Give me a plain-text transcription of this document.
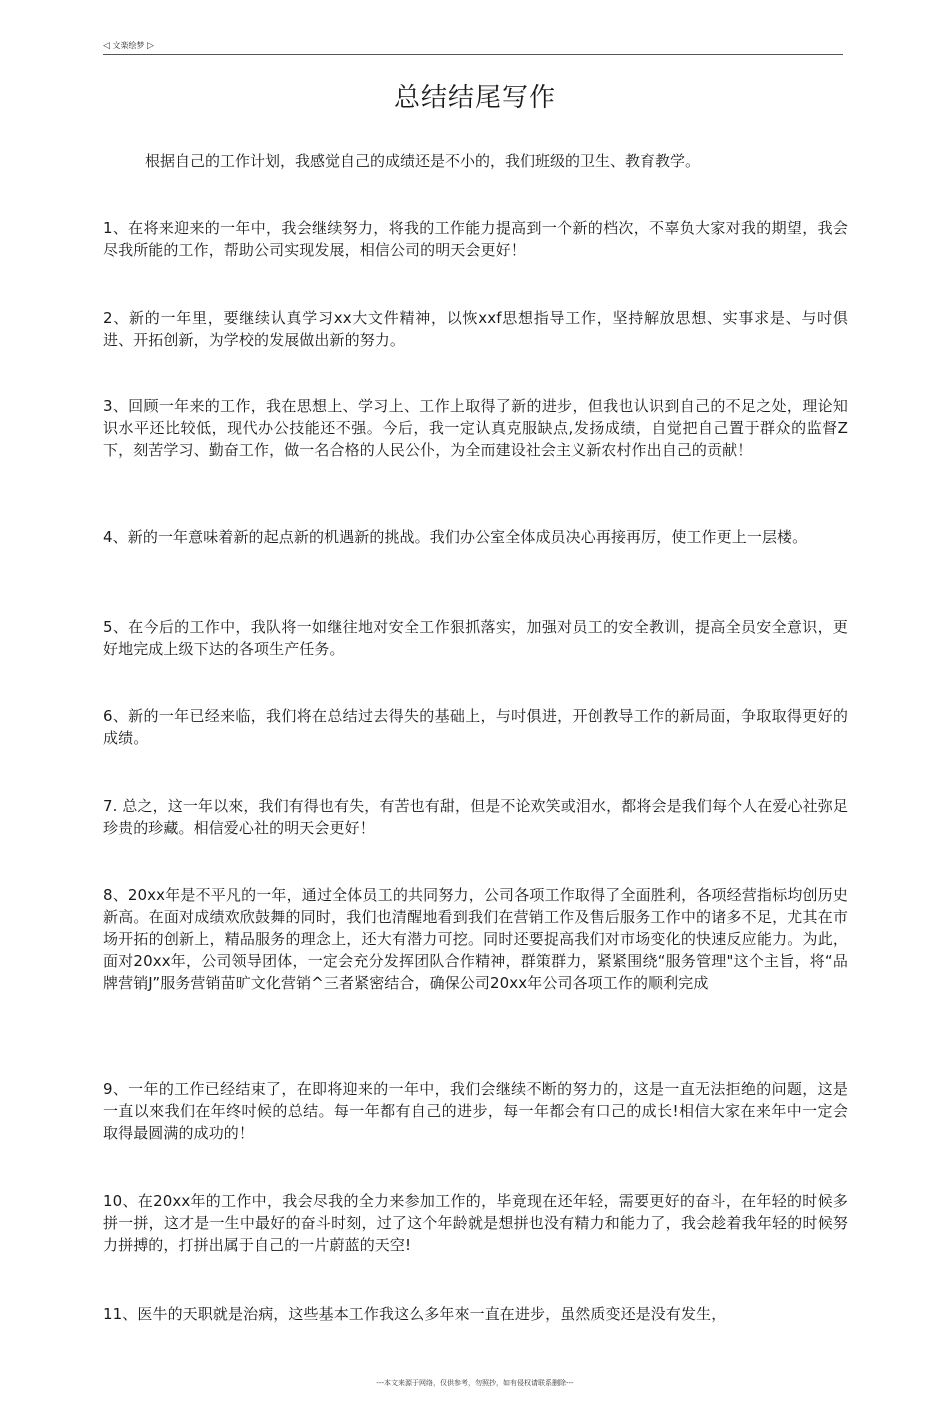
◁ 文楽绘梦 ▷
总结结尾写作
根据自己的工作计划，我感觉自己的成绩还是不小的，我们班级的卫生、教育教学。
1、在将来迎来的一年中，我会继续努力，将我的工作能力提高到一个新的档次，不辜负大家对我的期望，我会尽我所能的工作，帮助公司实现发展，相信公司的明天会更好！
2、新的一年里，要继续认真学习xx大文件精神，以恢xxf思想指导工作，坚持解放思想、实事求是、与吋俱进、开拓创新，为学校的发展做出新的努力。
3、回顾一年来的工作，我在思想上、学习上、工作上取得了新的进步，但我也认识到自己的不足之处，理论知识水平还比较低，现代办公技能还不强。今后，我一定认真克服缺点,发扬成绩，自觉把自己置于群众的监督Z下，刻苦学习、勤奋工作，做一名合格的人民公仆，为全而建设社会主义新农村作出自己的贡献！
4、新的一年意味着新的起点新的机遇新的挑战。我们办公室全体成员决心再接再厉，使工作更上一层楼。
5、在今后的工作中，我队将一如继往地对安全工作狠抓落实，加强对员工的安全教训，提高全员安全意识，更好地完成上级下达的各项生产任务。
6、新的一年已经来临，我们将在总结过去得失的基础上，与吋俱进，开创教导工作的新局面，争取取得更好的成绩。
7. 总之，这一年以來，我们有得也有失，有苦也有甜，但是不论欢笑或泪水，都将会是我们每个人在爱心社弥足珍贵的珍藏。相信爱心社的明天会更好！
8、20xx年是不平凡的一年，通过全体员工的共同努力，公司各项工作取得了全面胜利，各项经营指标均创历史新高。在面对成绩欢欣鼓舞的同时，我们也清醒地看到我们在营销工作及售后服务工作中的诸多不足，尤其在市场开拓的创新上，精品服务的理念上，还大有潜力可挖。同时还要捉高我们对市场变化的快速反应能力。为此，面对20xx年，公司领导团体，一定会充分发挥团队合作精神，群策群力，紧紧围绕“服务管理"这个主旨，将“品牌营销J”服务营销苗旷文化营销^三者紧密结合，确保公司20xx年公司各项工作的顺利完成
9、一年的工作已经结束了，在即将迎来的一年中，我们会继续不断的努力的，这是一直无法拒绝的问题，这是一直以來我们在年终吋候的总结。每一年都有自己的进步，每一年都会有口己的成长!相信大家在来年中一定会取得最圆满的成功的！
10、在20xx年的工作中，我会尽我的全力来参加工作的，毕竟现在还年轻，需要更好的奋斗，在年轻的时候多拼一拼，这才是一生中最好的奋斗时刻，过了这个年龄就是想拼也没有精力和能力了，我会趁着我年轻的时候努力拼搏的，打拼出属于自己的一片蔚蓝的天空!
11、医牛的天职就是治病，这些基本工作我这么多年來一直在进步，虽然质变还是没有发生，
---本文来源于网络，仅供参考，勿照抄，如有侵权请联系删除---
